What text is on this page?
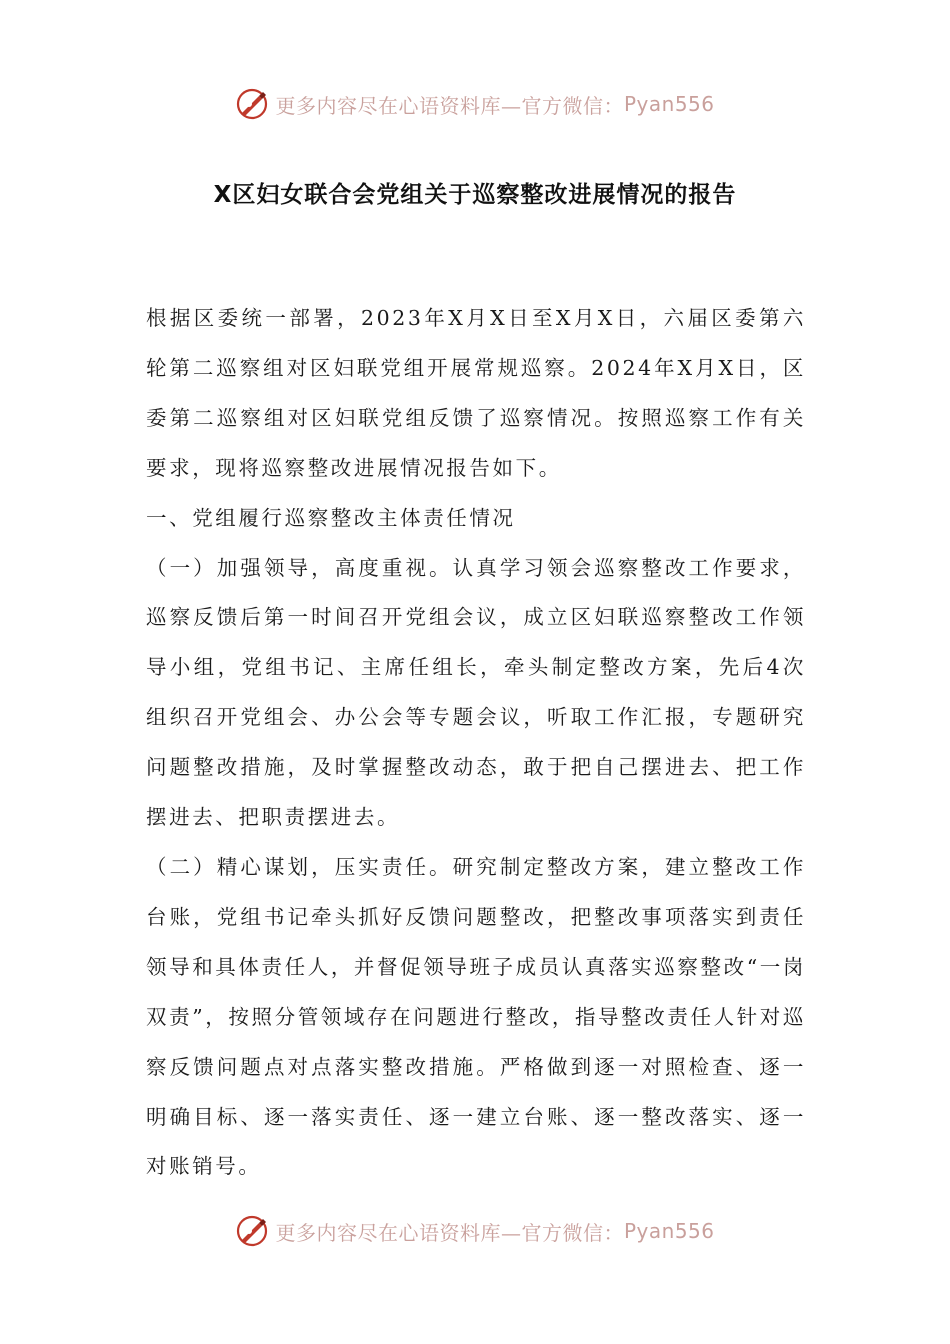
更多内容尽在心语资料库—官方微信： Pyan556
X区妇女联合会党组关于巡察整改进展情况的报告

根据区委统一部署，2023年X月X日至X月X日，六届区委第六轮第二巡察组对区妇联党组开展常规巡察。2024年X月X日，区委第二巡察组对区妇联党组反馈了巡察情况。按照巡察工作有关要求，现将巡察整改进展情况报告如下。

一、党组履行巡察整改主体责任情况

（一）加强领导，高度重视。认真学习领会巡察整改工作要求，巡察反馈后第一时间召开党组会议，成立区妇联巡察整改工作领导小组，党组书记、主席任组长，牵头制定整改方案，先后4次组织召开党组会、办公会等专题会议，听取工作汇报，专题研究问题整改措施，及时掌握整改动态，敢于把自己摆进去、把工作摆进去、把职责摆进去。

（二）精心谋划，压实责任。研究制定整改方案，建立整改工作台账，党组书记牵头抓好反馈问题整改，把整改事项落实到责任领导和具体责任人，并督促领导班子成员认真落实巡察整改“一岗双责”，按照分管领域存在问题进行整改，指导整改责任人针对巡察反馈问题点对点落实整改措施。严格做到逐一对照检查、逐一明确目标、逐一落实责任、逐一建立台账、逐一整改落实、逐一对账销号。

更多内容尽在心语资料库—官方微信： Pyan556
